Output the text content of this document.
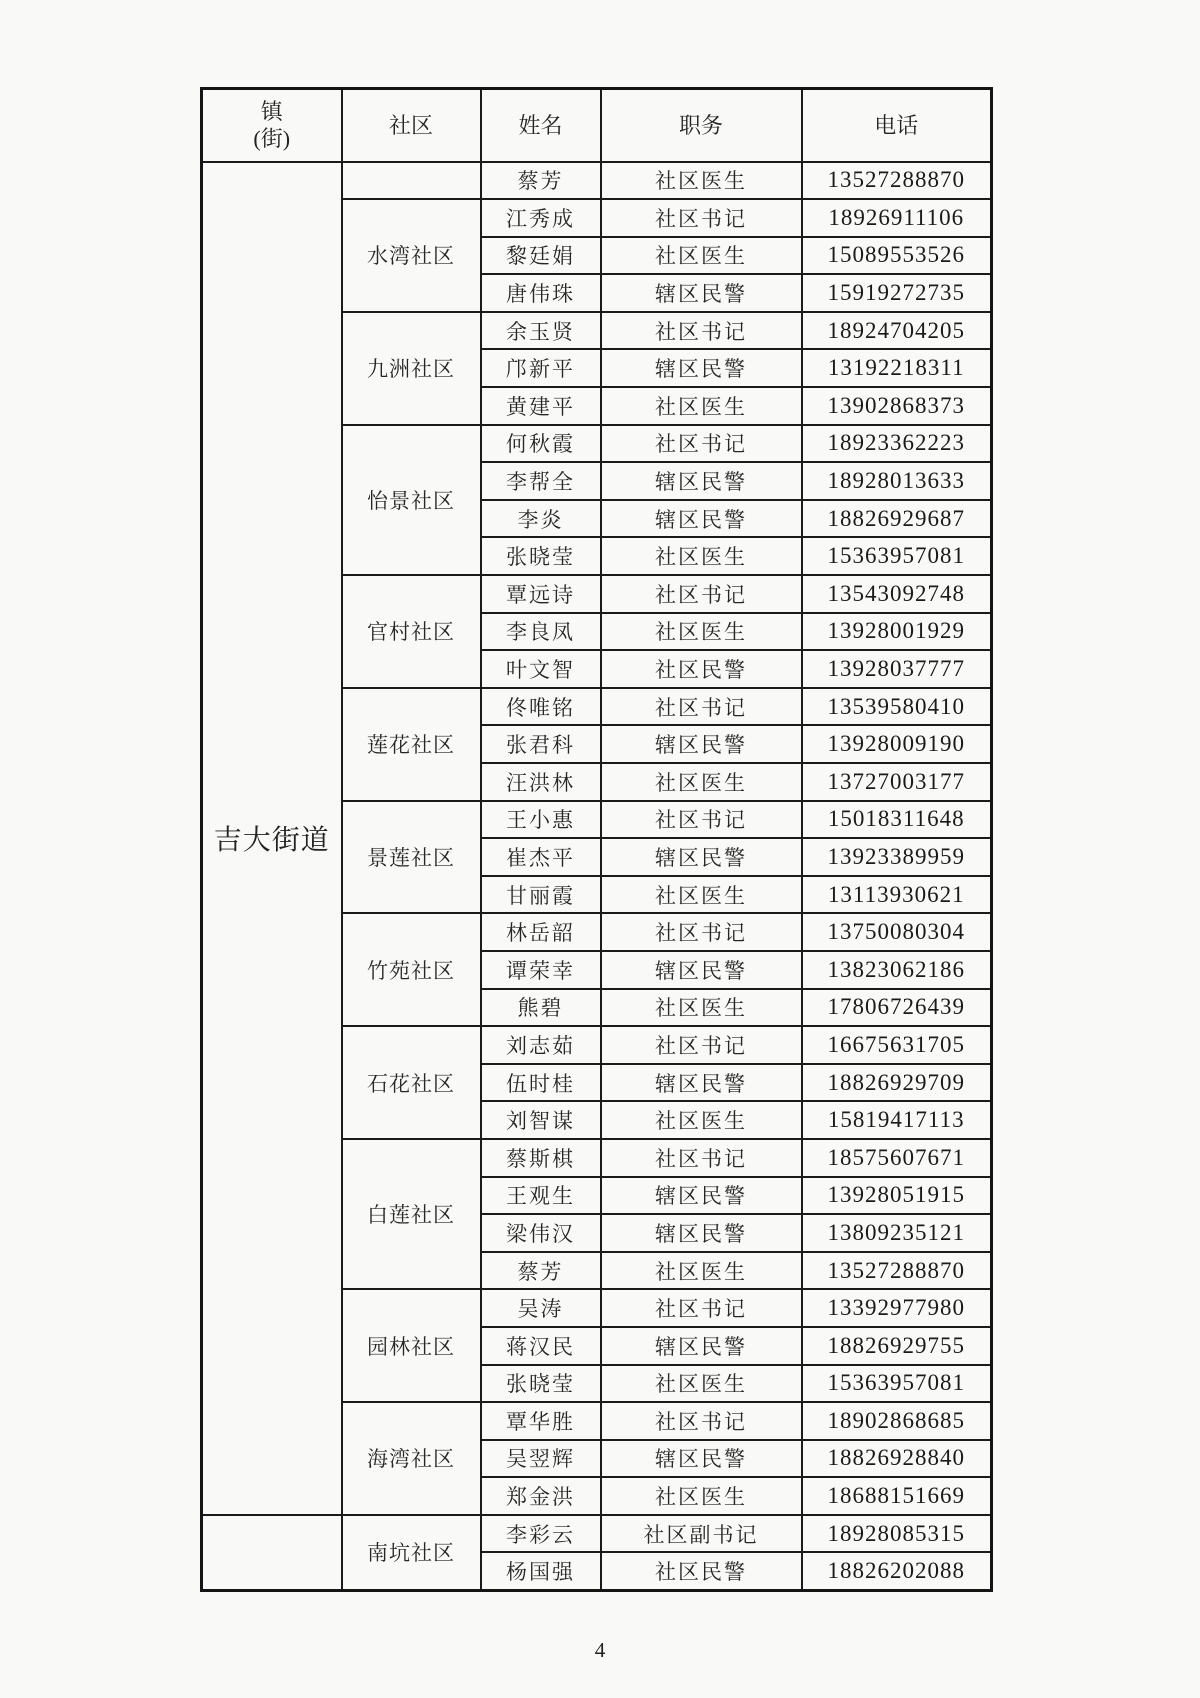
镇
(街)	社区	姓名	职务	电话
吉大街道		蔡芳	社区医生	13527288870
	水湾社区	江秀成	社区书记	18926911106
		黎廷娟	社区医生	15089553526
		唐伟珠	辖区民警	15919272735
	九洲社区	余玉贤	社区书记	18924704205
		邝新平	辖区民警	13192218311
		黄建平	社区医生	13902868373
	怡景社区	何秋霞	社区书记	18923362223
		李帮全	辖区民警	18928013633
		李炎	辖区民警	18826929687
		张晓莹	社区医生	15363957081
	官村社区	覃远诗	社区书记	13543092748
		李良凤	社区医生	13928001929
		叶文智	社区民警	13928037777
	莲花社区	佟唯铭	社区书记	13539580410
		张君科	辖区民警	13928009190
		汪洪林	社区医生	13727003177
	景莲社区	王小惠	社区书记	15018311648
		崔杰平	辖区民警	13923389959
		甘丽霞	社区医生	13113930621
	竹苑社区	林岳韶	社区书记	13750080304
		谭荣幸	辖区民警	13823062186
		熊碧	社区医生	17806726439
	石花社区	刘志茹	社区书记	16675631705
		伍时桂	辖区民警	18826929709
		刘智谋	社区医生	15819417113
	白莲社区	蔡斯棋	社区书记	18575607671
		王观生	辖区民警	13928051915
		梁伟汉	辖区民警	13809235121
		蔡芳	社区医生	13527288870
	园林社区	吴涛	社区书记	13392977980
		蒋汉民	辖区民警	18826929755
		张晓莹	社区医生	15363957081
	海湾社区	覃华胜	社区书记	18902868685
		吴翌辉	辖区民警	18826928840
		郑金洪	社区医生	18688151669
	南坑社区	李彩云	社区副书记	18928085315
		杨国强	社区民警	18826202088
4
